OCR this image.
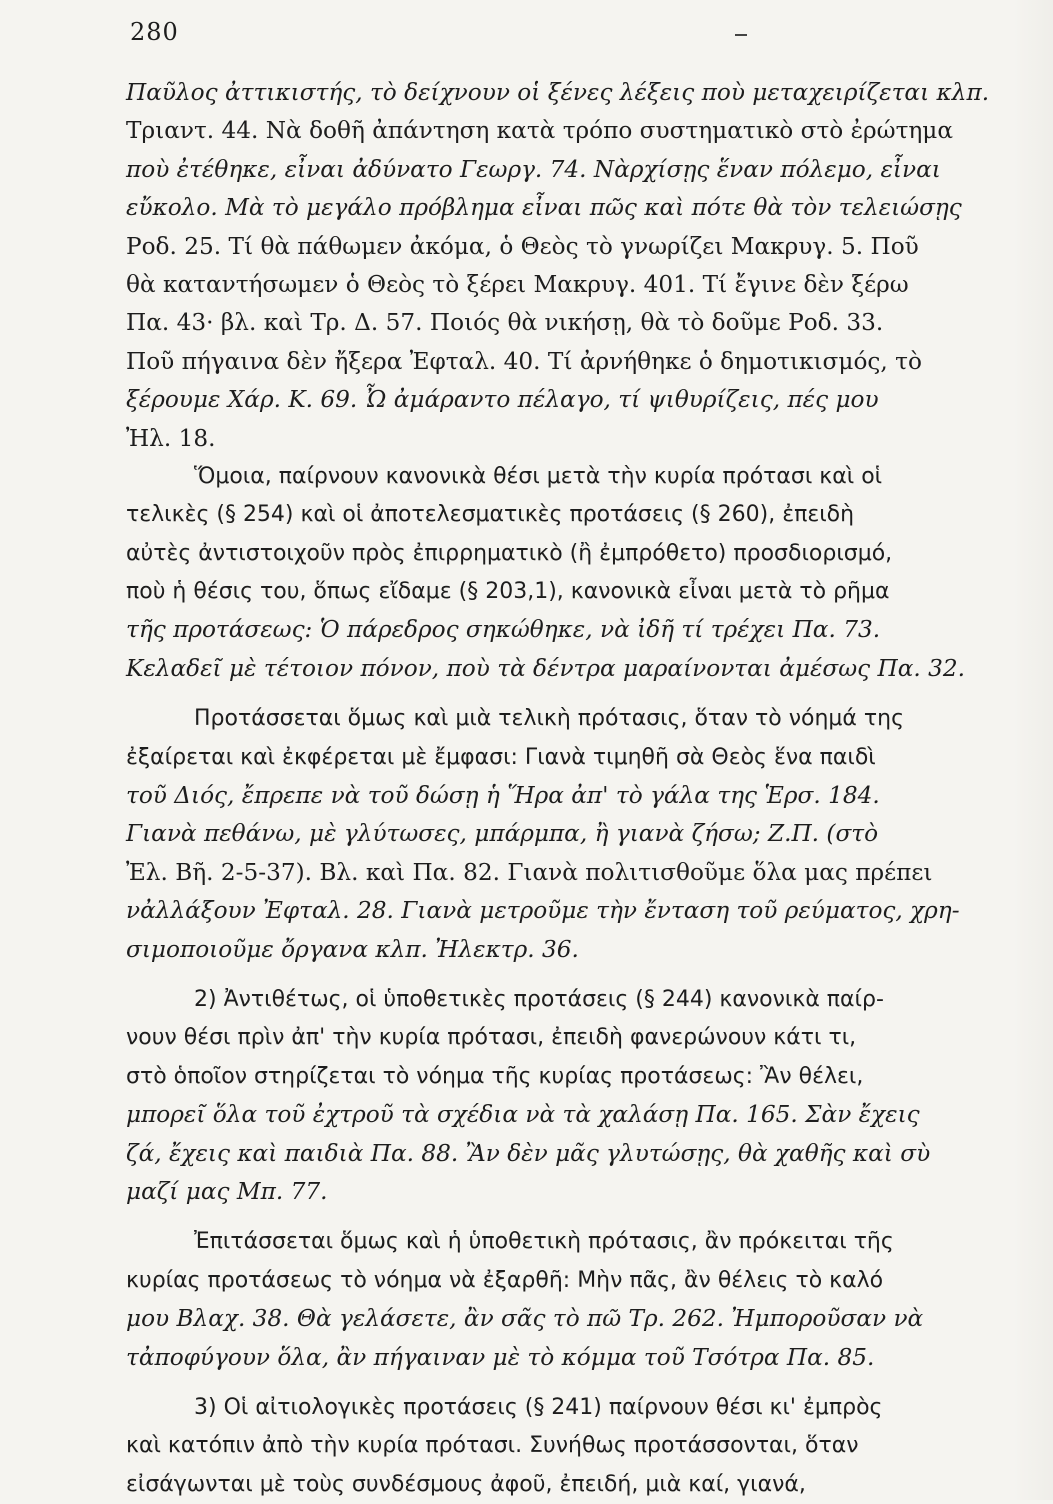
280
Παῦλος ἀττικιστής, τὸ δείχνουν οἱ ξένες λέξεις ποὺ μεταχειρίζεται κλπ.
Τριαντ. 44. Νὰ δοθῆ ἀπάντηση κατὰ τρόπο συστηματικὸ στὸ ἐρώτημα
ποὺ ἐτέθηκε, εἶναι ἀδύνατο Γεωργ. 74. Νὰρχίσῃς ἕναν πόλεμο, εἶναι
εὔκολο. Μὰ τὸ μεγάλο πρόβλημα εἶναι πῶς καὶ πότε θὰ τὸν τελειώσῃς
Ροδ. 25. Τί θὰ πάθωμεν ἀκόμα, ὁ Θεὸς τὸ γνωρίζει Μακρυγ. 5. Ποῦ
θὰ καταντήσωμεν ὁ Θεὸς τὸ ξέρει Μακρυγ. 401. Τί ἔγινε δὲν ξέρω
Πα. 43· βλ. καὶ Τρ. Δ. 57. Ποιός θὰ νικήσῃ, θὰ τὸ δοῦμε Ροδ. 33.
Ποῦ πήγαινα δὲν ἤξερα Ἐφταλ. 40. Τί ἀρνήθηκε ὁ δημοτικισμός, τὸ
ξέρουμε Χάρ. Κ. 69. Ὦ ἀμάραντο πέλαγο, τί ψιθυρίζεις, πές μου
Ἠλ. 18.
Ὅμοια, παίρνουν κανονικὰ θέσι μετὰ τὴν κυρία πρότασι καὶ οἱ
τελικὲς (§ 254) καὶ οἱ ἀποτελεσματικὲς προτάσεις (§ 260), ἐπειδὴ
αὐτὲς ἀντιστοιχοῦν πρὸς ἐπιρρηματικὸ (ἢ ἐμπρόθετο) προσδιορισμό,
ποὺ ἡ θέσις του, ὅπως εἴδαμε (§ 203,1), κανονικὰ εἶναι μετὰ τὸ ρῆμα
τῆς προτάσεως: Ὁ πάρεδρος σηκώθηκε, νὰ ἰδῆ τί τρέχει Πα. 73.
Κελαδεῖ μὲ τέτοιον πόνον, ποὺ τὰ δέντρα μαραίνονται ἀμέσως Πα. 32.
Προτάσσεται ὅμως καὶ μιὰ τελικὴ πρότασις, ὅταν τὸ νόημά της
ἐξαίρεται καὶ ἐκφέρεται μὲ ἔμφασι: Γιανὰ τιμηθῆ σὰ Θεὸς ἕνα παιδὶ
τοῦ Διός, ἔπρεπε νὰ τοῦ δώσῃ ἡ Ἥρα ἀπ' τὸ γάλα της Ἑρσ. 184.
Γιανὰ πεθάνω, μὲ γλύτωσες, μπάρμπα, ἢ γιανὰ ζήσω; Ζ.Π. (στὸ
Ἐλ. Βῆ. 2-5-37). Βλ. καὶ Πα. 82. Γιανὰ πολιτισθοῦμε ὅλα μας πρέπει
νἀλλάξουν Ἐφταλ. 28. Γιανὰ μετροῦμε τὴν ἔνταση τοῦ ρεύματος, χρη-
σιμοποιοῦμε ὄργανα κλπ. Ἠλεκτρ. 36.
2) Ἀντιθέτως, οἱ ὑποθετικὲς προτάσεις (§ 244) κανονικὰ παίρ-
νουν θέσι πρὶν ἀπ' τὴν κυρία πρότασι, ἐπειδὴ φανερώνουν κάτι τι,
στὸ ὁποῖον στηρίζεται τὸ νόημα τῆς κυρίας προτάσεως: Ἂν θέλει,
μπορεῖ ὅλα τοῦ ἐχτροῦ τὰ σχέδια νὰ τὰ χαλάσῃ Πα. 165. Σὰν ἔχεις
ζά, ἔχεις καὶ παιδιὰ Πα. 88. Ἂν δὲν μᾶς γλυτώσῃς, θὰ χαθῆς καὶ σὺ
μαζί μας Μπ. 77.
Ἐπιτάσσεται ὅμως καὶ ἡ ὑποθετικὴ πρότασις, ἂν πρόκειται τῆς
κυρίας προτάσεως τὸ νόημα νὰ ἐξαρθῆ: Μὴν πᾶς, ἂν θέλεις τὸ καλό
μου Βλαχ. 38. Θὰ γελάσετε, ἂν σᾶς τὸ πῶ Τρ. 262. Ἠμποροῦσαν νὰ
τἀποφύγουν ὅλα, ἂν πήγαιναν μὲ τὸ κόμμα τοῦ Τσότρα Πα. 85.
3) Οἱ αἰτιολογικὲς προτάσεις (§ 241) παίρνουν θέσι κι' ἐμπρὸς
καὶ κατόπιν ἀπὸ τὴν κυρία πρότασι. Συνήθως προτάσσονται, ὅταν
εἰσάγωνται μὲ τοὺς συνδέσμους ἀφοῦ, ἐπειδή, μιὰ καί, γιανά,
